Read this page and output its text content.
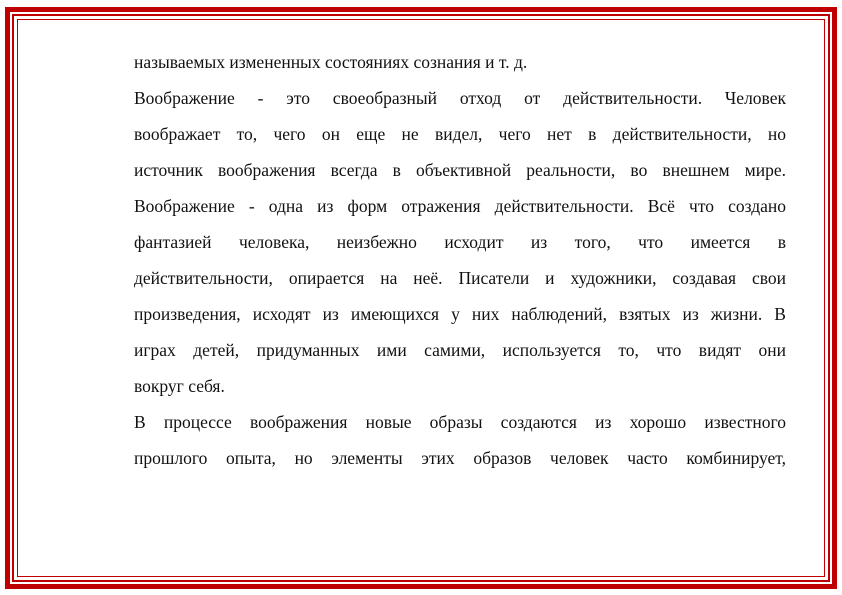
называемых измененных состояниях сознания и т. д.
Воображение - это своеобразный отход от действительности. Человек
воображает то, чего он еще не видел, чего нет в действительности, но
источник воображения всегда в объективной реальности, во внешнем мире.
Воображение - одна из форм отражения действительности. Всё что создано
фантазией человека, неизбежно исходит из того, что имеется в
действительности, опирается на неё. Писатели и художники, создавая свои
произведения, исходят из имеющихся у них наблюдений, взятых из жизни. В
играх детей, придуманных ими самими, используется то, что видят они
вокруг себя.
В процессе воображения новые образы создаются из хорошо известного
прошлого опыта, но элементы этих образов человек часто комбинирует,
